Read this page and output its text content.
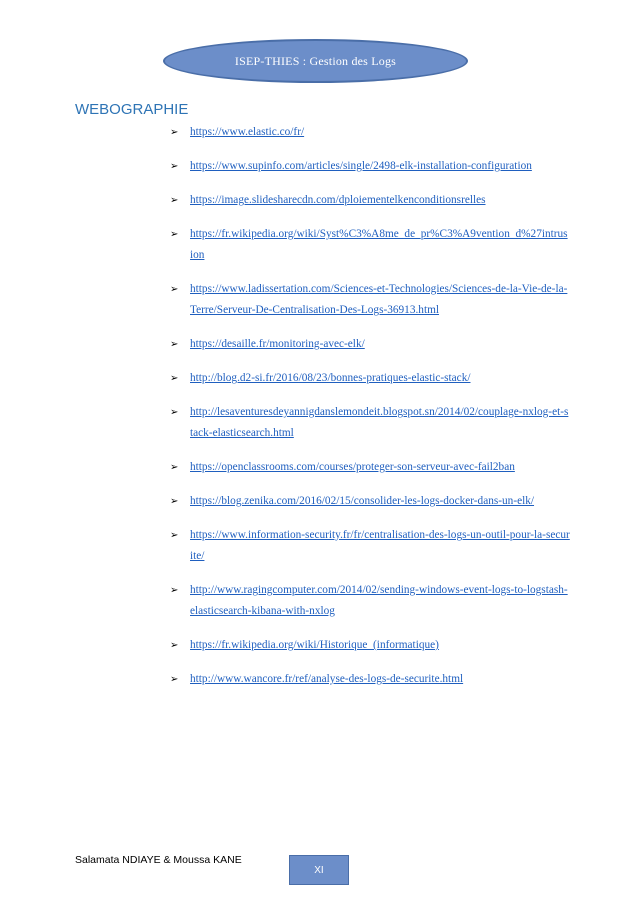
ISEP-THIES : Gestion des Logs
WEBOGRAPHIE
➢ https://www.elastic.co/fr/
➢ https://www.supinfo.com/articles/single/2498-elk-installation-configuration
➢ https://image.slidesharecdn.com/dploiementelkenconditionsrelles
➢ https://fr.wikipedia.org/wiki/Syst%C3%A8me_de_pr%C3%A9vention_d%27intrusion
➢ https://www.ladissertation.com/Sciences-et-Technologies/Sciences-de-la-Vie-de-la-Terre/Serveur-De-Centralisation-Des-Logs-36913.html
➢ https://desaille.fr/monitoring-avec-elk/
➢ http://blog.d2-si.fr/2016/08/23/bonnes-pratiques-elastic-stack/
➢ http://lesaventuresdeyannigdanslemondeit.blogspot.sn/2014/02/couplage-nxlog-et-stack-elasticsearch.html
➢ https://openclassrooms.com/courses/proteger-son-serveur-avec-fail2ban
➢ https://blog.zenika.com/2016/02/15/consolider-les-logs-docker-dans-un-elk/
➢ https://www.information-security.fr/fr/centralisation-des-logs-un-outil-pour-la-securite/
➢ http://www.ragingcomputer.com/2014/02/sending-windows-event-logs-to-logstash-elasticsearch-kibana-with-nxlog
➢ https://fr.wikipedia.org/wiki/Historique_(informatique)
➢ http://www.wancore.fr/ref/analyse-des-logs-de-securite.html
Salamata NDIAYE & Moussa KANE
XI
